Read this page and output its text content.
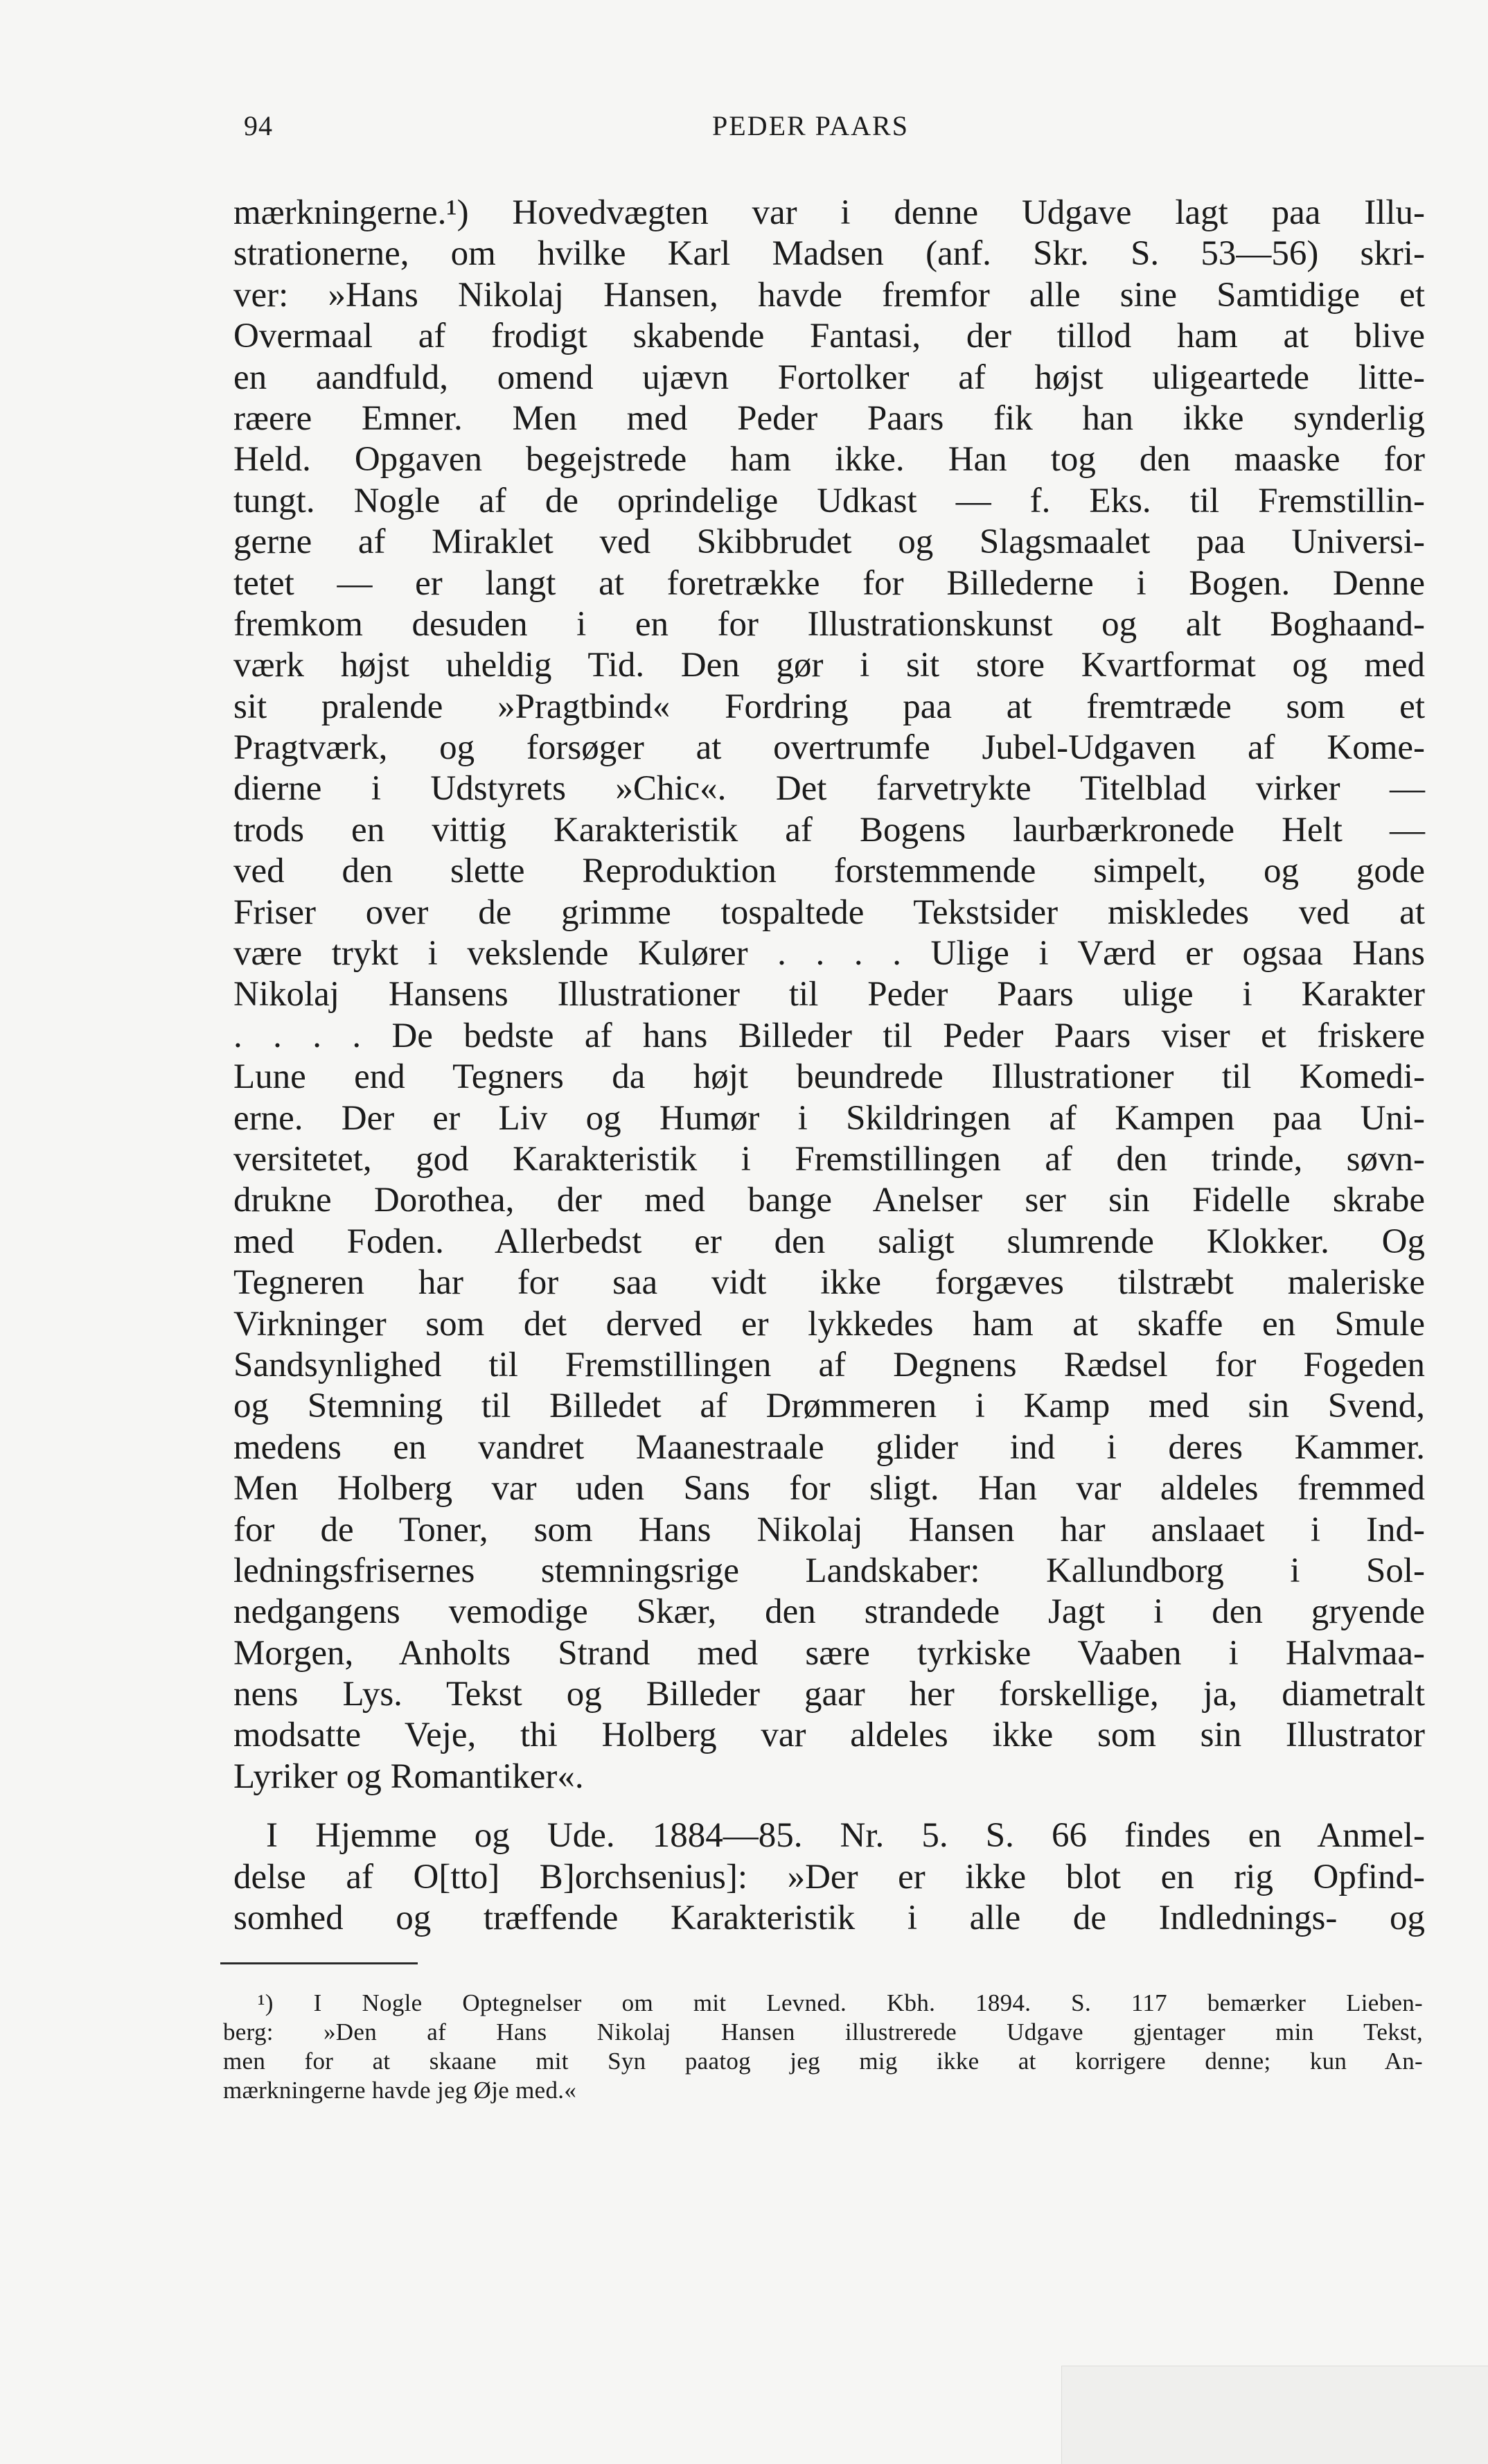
94	PEDER PAARS
mærkningerne.¹) Hovedvægten var i denne Udgave lagt paa Illu-
strationerne, om hvilke Karl Madsen (anf. Skr. S. 53—56) skri-
ver: »Hans Nikolaj Hansen, havde fremfor alle sine Samtidige et
Overmaal af frodigt skabende Fantasi, der tillod ham at blive
en aandfuld, omend ujævn Fortolker af højst uligeartede litte-
ræere Emner. Men med Peder Paars fik han ikke synderlig
Held. Opgaven begejstrede ham ikke. Han tog den maaske for
tungt. Nogle af de oprindelige Udkast — f. Eks. til Fremstillin-
gerne af Miraklet ved Skibbrudet og Slagsmaalet paa Universi-
tetet — er langt at foretrække for Billederne i Bogen. Denne
fremkom desuden i en for Illustrationskunst og alt Boghaand-
værk højst uheldig Tid. Den gør i sit store Kvartformat og med
sit pralende »Pragtbind« Fordring paa at fremtræde som et
Pragtværk, og forsøger at overtrumfe Jubel-Udgaven af Kome-
dierne i Udstyrets »Chic«. Det farvetrykte Titelblad virker —
trods en vittig Karakteristik af Bogens laurbærkronede Helt —
ved den slette Reproduktion forstemmende simpelt, og gode
Friser over de grimme tospaltede Tekstsider miskledes ved at
være trykt i vekslende Kulører . . . . Ulige i Værd er ogsaa Hans
Nikolaj Hansens Illustrationer til Peder Paars ulige i Karakter
. . . . De bedste af hans Billeder til Peder Paars viser et friskere
Lune end Tegners da højt beundrede Illustrationer til Komedi-
erne. Der er Liv og Humør i Skildringen af Kampen paa Uni-
versitetet, god Karakteristik i Fremstillingen af den trinde, søvn-
drukne Dorothea, der med bange Anelser ser sin Fidelle skrabe
med Foden. Allerbedst er den saligt slumrende Klokker. Og
Tegneren har for saa vidt ikke forgæves tilstræbt maleriske
Virkninger som det derved er lykkedes ham at skaffe en Smule
Sandsynlighed til Fremstillingen af Degnens Rædsel for Fogeden
og Stemning til Billedet af Drømmeren i Kamp med sin Svend,
medens en vandret Maanestraale glider ind i deres Kammer.
Men Holberg var uden Sans for sligt. Han var aldeles fremmed
for de Toner, som Hans Nikolaj Hansen har anslaaet i Ind-
ledningsfrisernes stemningsrige Landskaber: Kallundborg i Sol-
nedgangens vemodige Skær, den strandede Jagt i den gryende
Morgen, Anholts Strand med sære tyrkiske Vaaben i Halvmaa-
nens Lys. Tekst og Billeder gaar her forskellige, ja, diametralt
modsatte Veje, thi Holberg var aldeles ikke som sin Illustrator
Lyriker og Romantiker«.
I Hjemme og Ude. 1884—85. Nr. 5. S. 66 findes en Anmel-
delse af O[tto] B]orchsenius]: »Der er ikke blot en rig Opfind-
somhed og træffende Karakteristik i alle de Indlednings- og
¹) I Nogle Optegnelser om mit Levned. Kbh. 1894. S. 117 bemærker Lieben-
berg: »Den af Hans Nikolaj Hansen illustrerede Udgave gjentager min Tekst,
men for at skaane mit Syn paatog jeg mig ikke at korrigere denne; kun An-
mærkningerne havde jeg Øje med.«
